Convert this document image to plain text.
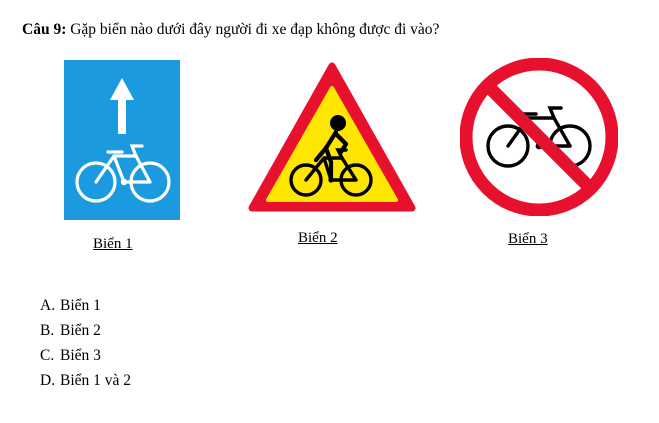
Câu 9: Gặp biển nào dưới đây người đi xe đạp không được đi vào?
Biển 1	Biển 2	Biển 3
A. Biển 1
B. Biển 2
C. Biển 3
D. Biển 1 và 2
